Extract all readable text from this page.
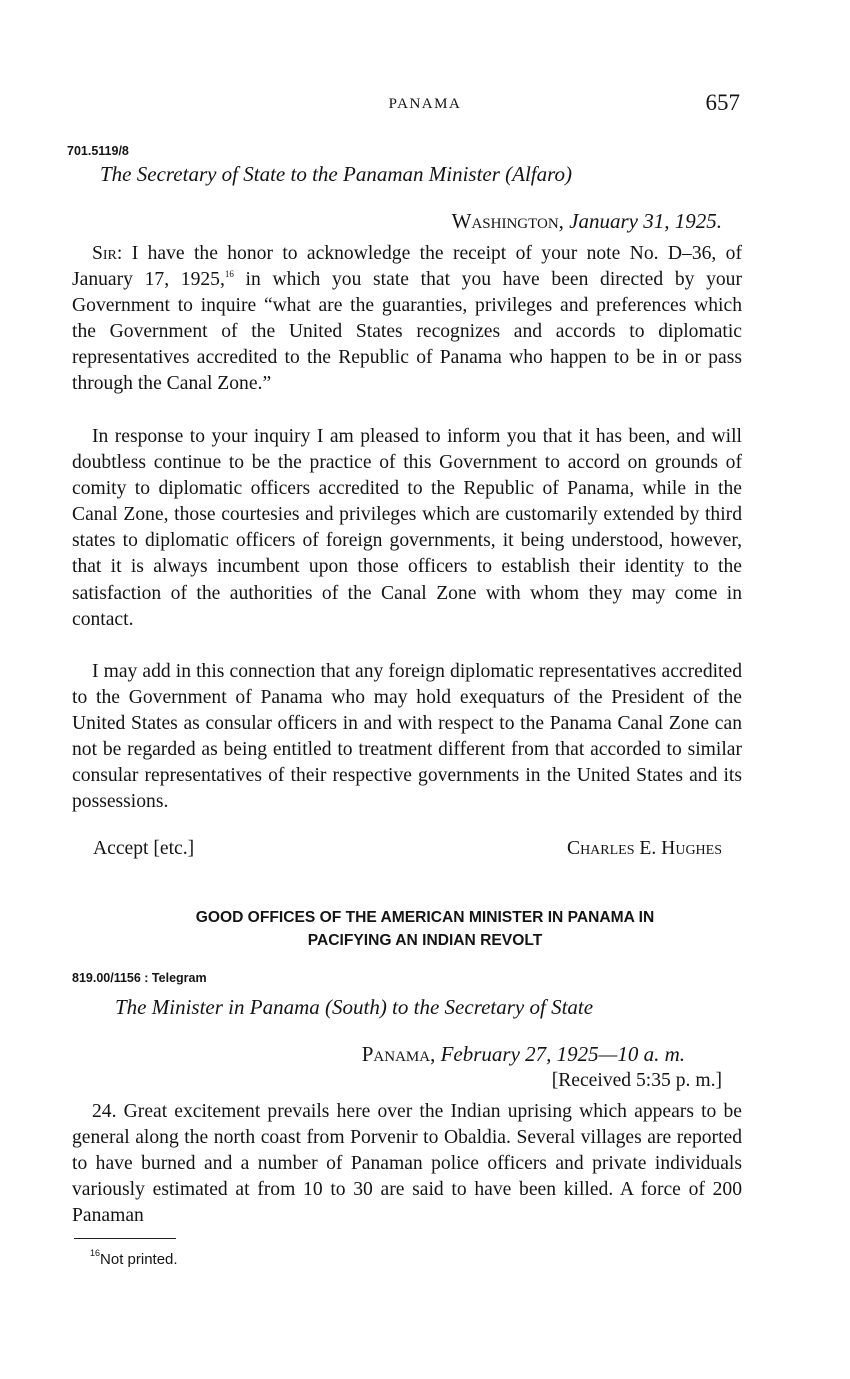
PANAMA	657
701.5119/8
The Secretary of State to the Panaman Minister (Alfaro)
Washington, January 31, 1925.

Sir: I have the honor to acknowledge the receipt of your note No. D–36, of January 17, 1925,16 in which you state that you have been directed by your Government to inquire “what are the guaranties, privileges and preferences which the Government of the United States recognizes and accords to diplomatic representatives accredited to the Republic of Panama who happen to be in or pass through the Canal Zone.”

In response to your inquiry I am pleased to inform you that it has been, and will doubtless continue to be the practice of this Government to accord on grounds of comity to diplomatic officers accredited to the Republic of Panama, while in the Canal Zone, those courtesies and privileges which are customarily extended by third states to diplomatic officers of foreign governments, it being understood, however, that it is always incumbent upon those officers to establish their identity to the satisfaction of the authorities of the Canal Zone with whom they may come in contact.

I may add in this connection that any foreign diplomatic representatives accredited to the Government of Panama who may hold exequaturs of the President of the United States as consular officers in and with respect to the Panama Canal Zone can not be regarded as being entitled to treatment different from that accorded to similar consular representatives of their respective governments in the United States and its possessions.

Accept [etc.]	Charles E. Hughes
GOOD OFFICES OF THE AMERICAN MINISTER IN PANAMA IN
PACIFYING AN INDIAN REVOLT
819.00/1156 : Telegram
The Minister in Panama (South) to the Secretary of State
Panama, February 27, 1925—10 a. m.
[Received 5:35 p. m.]

24. Great excitement prevails here over the Indian uprising which appears to be general along the north coast from Porvenir to Obaldia. Several villages are reported to have burned and a number of Panaman police officers and private individuals variously estimated at from 10 to 30 are said to have been killed. A force of 200 Panaman

$^{16}$Not printed.
